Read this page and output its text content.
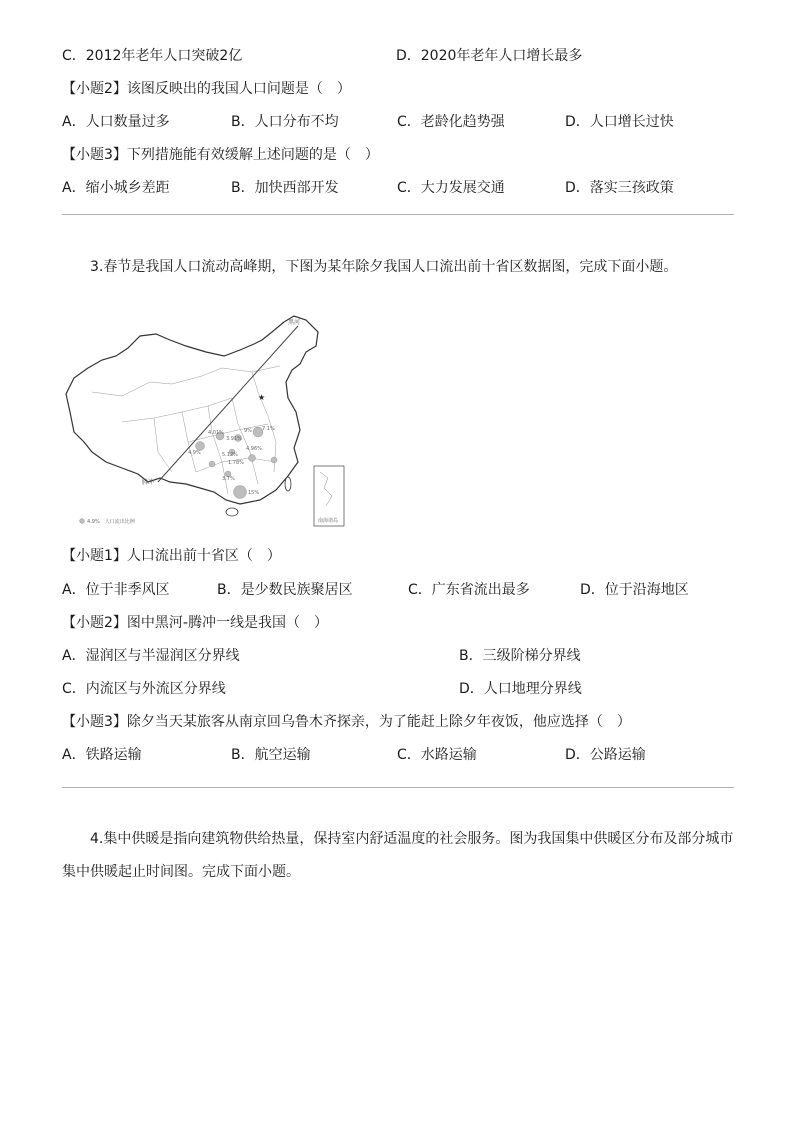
C．2012年老年人口突破2亿	D．2020年老年人口增长最多
【小题2】该图反映出的我国人口问题是（　）
A．人口数量过多	B．人口分布不均	C．老龄化趋势强	D．人口增长过快
【小题3】下列措施能有效缓解上述问题的是（　）
A．缩小城乡差距	B．加快西部开发	C．大力发展交通	D．落实三孩政策
3.春节是我国人口流动高峰期，下图为某年除夕我国人口流出前十省区数据图，完成下面小题。
黑河
腾冲
★
4.01%
3.91%
9% 7.1%
4.9%	5.12%
4.96%
1.78%
3.7%
15%
南海诸岛
4.9%　人口流出比例
【小题1】人口流出前十省区（　）
A．位于非季风区	B．是少数民族聚居区	C．广东省流出最多	D．位于沿海地区
【小题2】图中黑河-腾冲一线是我国（　）
A．湿润区与半湿润区分界线	B．三级阶梯分界线
C．内流区与外流区分界线	D．人口地理分界线
【小题3】除夕当天某旅客从南京回乌鲁木齐探亲，为了能赶上除夕年夜饭，他应选择（　）
A．铁路运输	B．航空运输	C．水路运输	D．公路运输
4.集中供暖是指向建筑物供给热量，保持室内舒适温度的社会服务。图为我国集中供暖区分布及部分城市
集中供暖起止时间图。完成下面小题。
